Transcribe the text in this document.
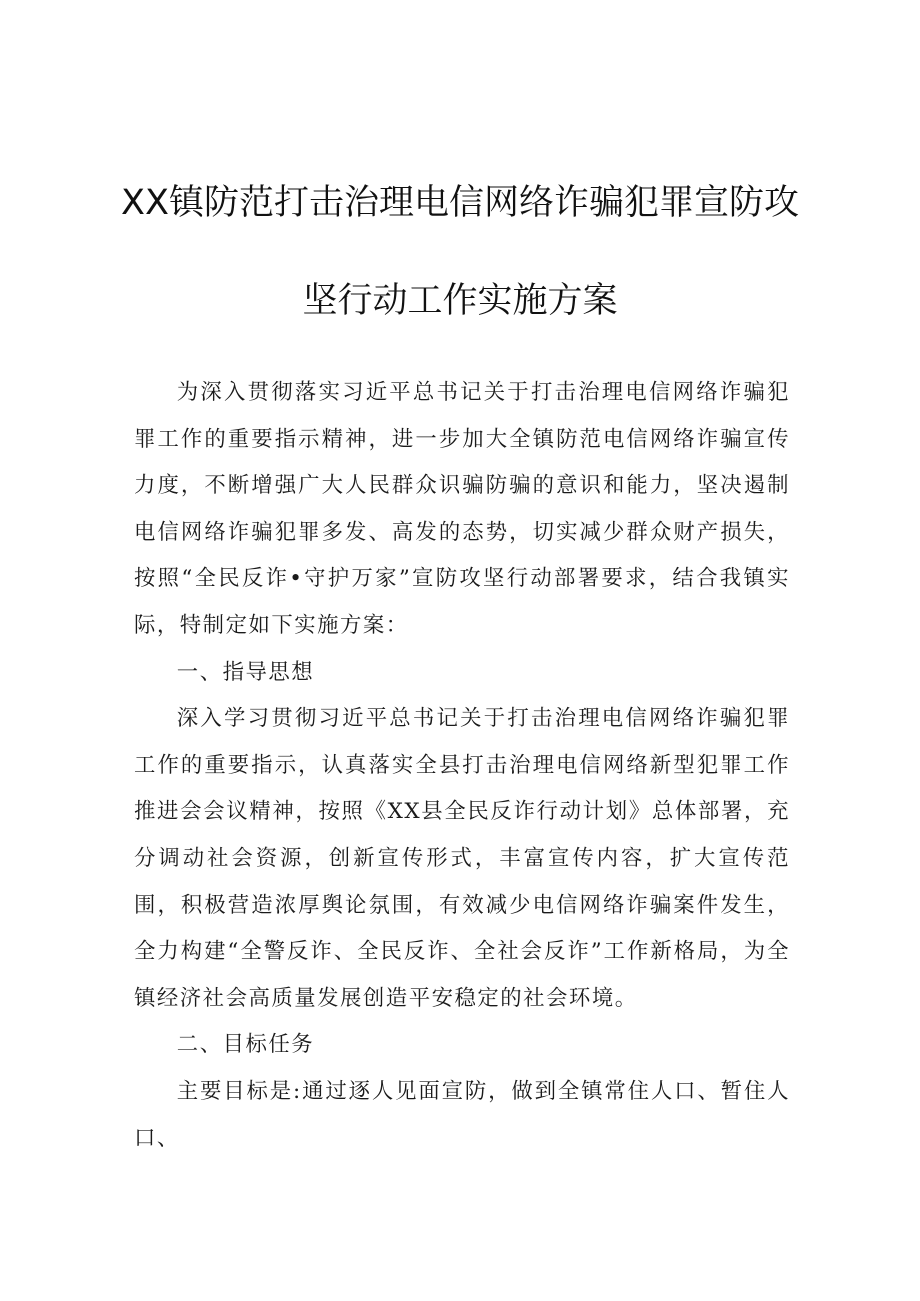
XX镇防范打击治理电信网络诈骗犯罪宣防攻
坚行动工作实施方案

为深入贯彻落实习近平总书记关于打击治理电信网络诈骗犯罪工作的重要指示精神，进一步加大全镇防范电信网络诈骗宣传力度，不断增强广大人民群众识骗防骗的意识和能力，坚决遏制电信网络诈骗犯罪多发、高发的态势，切实减少群众财产损失，按照“全民反诈•守护万家”宣防攻坚行动部署要求，结合我镇实际，特制定如下实施方案：

一、指导思想

深入学习贯彻习近平总书记关于打击治理电信网络诈骗犯罪工作的重要指示，认真落实全县打击治理电信网络新型犯罪工作推进会会议精神，按照《XX县全民反诈行动计划》总体部署，充分调动社会资源，创新宣传形式，丰富宣传内容，扩大宣传范围，积极营造浓厚舆论氛围，有效减少电信网络诈骗案件发生，全力构建“全警反诈、全民反诈、全社会反诈”工作新格局，为全镇经济社会高质量发展创造平安稳定的社会环境。

二、目标任务

主要目标是:通过逐人见面宣防，做到全镇常住人口、暂住人口、
